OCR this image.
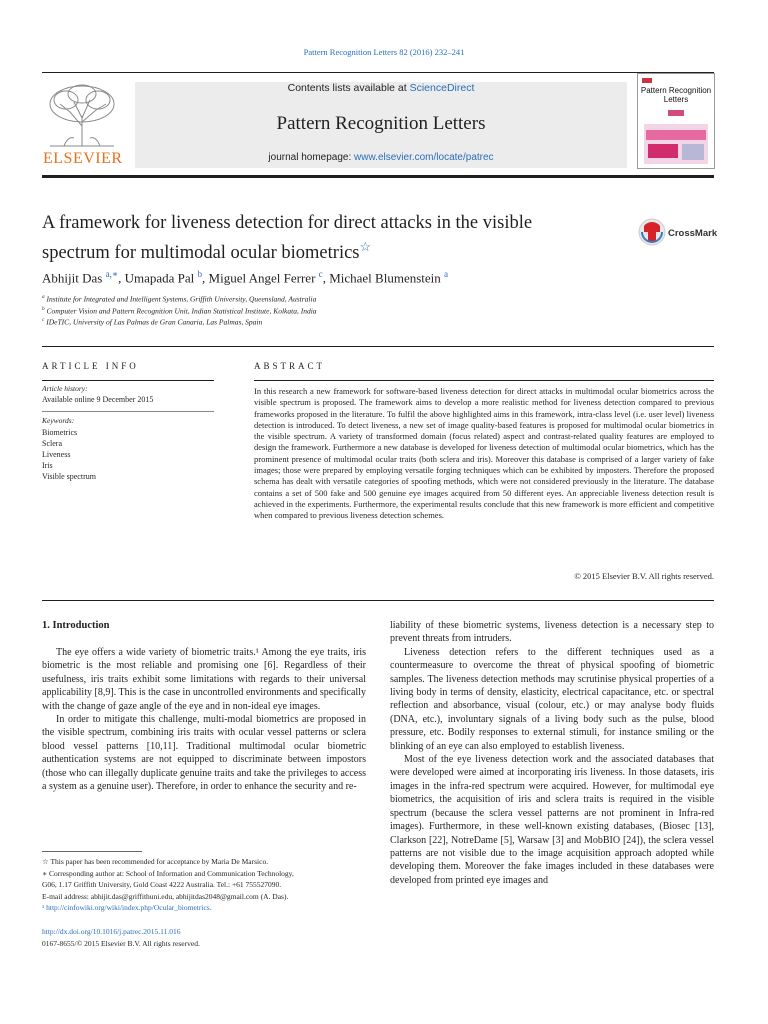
Pattern Recognition Letters 82 (2016) 232–241
ELSEVIER
Contents lists available at ScienceDirect
Pattern Recognition Letters
journal homepage: www.elsevier.com/locate/patrec
Pattern Recognition Letters
A framework for liveness detection for direct attacks in the visible spectrum for multimodal ocular biometrics☆
CrossMark
Abhijit Das $^{a,∗}$, Umapada Pal $^b$, Miguel Angel Ferrer $^c$, Michael Blumenstein $^a$
$^a$ Institute for Integrated and Intelligent Systems, Griffith University, Queensland, Australia
$^b$ Computer Vision and Pattern Recognition Unit, Indian Statistical Institute, Kolkata, India
$^c$ IDeTIC, University of Las Palmas de Gran Canaria, Las Palmas, Spain
ARTICLE INFO
Article history:
Available online 9 December 2015
Keywords:
Biometrics
Sclera
Liveness
Iris
Visible spectrum
ABSTRACT
In this research a new framework for software-based liveness detection for direct attacks in multimodal ocular biometrics across the visible spectrum is proposed. The framework aims to develop a more realistic method for liveness detection compared to previous frameworks proposed in the literature. To fulfil the above highlighted aims in this framework, intra-class level (i.e. user level) liveness detection is introduced. To detect liveness, a new set of image quality-based features is proposed for multimodal ocular biometrics in the visible spectrum. A variety of transformed domain (focus related) aspect and contrast-related quality features are employed to design the framework. Furthermore a new database is developed for liveness detection of multimodal ocular biometrics, which has the prominent presence of multimodal ocular traits (both sclera and iris). Moreover this database is comprised of a larger variety of fake images; those were prepared by employing versatile forging techniques which can be exhibited by imposters. Therefore the proposed schema has dealt with versatile categories of spoofing methods, which were not considered previously in the literature. The database contains a set of 500 fake and 500 genuine eye images acquired from 50 different eyes. An appreciable liveness detection result is achieved in the experiments. Furthermore, the experimental results conclude that this new framework is more efficient and competitive when compared to previous liveness detection schemes.
© 2015 Elsevier B.V. All rights reserved.
1. Introduction

The eye offers a wide variety of biometric traits.¹ Among the eye traits, iris biometric is the most reliable and promising one [6]. Regardless of their usefulness, iris traits exhibit some limitations with regards to their universal applicability [8,9]. This is the case in uncontrolled environments and specifically with the change of gaze angle of the eye and in non-ideal eye images.

In order to mitigate this challenge, multi-modal biometrics are proposed in the visible spectrum, combining iris traits with ocular vessel patterns or sclera blood vessel patterns [10,11]. Traditional multimodal ocular biometric authentication systems are not equipped to discriminate between impostors (those who can illegally duplicate genuine traits and take the privileges to access a system as a genuine user). Therefore, in order to enhance the security and re-

liability of these biometric systems, liveness detection is a necessary step to prevent threats from intruders.

Liveness detection refers to the different techniques used as a countermeasure to overcome the threat of physical spoofing of biometric samples. The liveness detection methods may scrutinise physical properties of a living body in terms of density, elasticity, electrical capacitance, etc. or spectral reflection and absorbance, visual (colour, etc.) or may analyse body fluids (DNA, etc.), involuntary signals of a living body such as the pulse, blood pressure, etc. Bodily responses to external stimuli, for instance smiling or the blinking of an eye can also employed to establish liveness.

Most of the eye liveness detection work and the associated databases that were developed were aimed at incorporating iris liveness. In those datasets, iris images in the infra-red spectrum were acquired. However, for multimodal eye biometrics, the acquisition of iris and sclera traits is required in the visible spectrum (because the sclera vessel patterns are not prominent in Infra-red images). Furthermore, in these well-known existing databases, (Biosec [13], Clarkson [22], NotreDame [5], Warsaw [3] and MobBIO [24]), the sclera vessel patterns are not visible due to the image acquisition approach adopted while developing them. Moreover the fake images included in these databases were developed from printed eye images and

☆ This paper has been recommended for acceptance by Maria De Marsico.
∗ Corresponding author at: School of Information and Communication Technology,
G06, 1.17 Griffith University, Gold Coast 4222 Australia. Tel.: +61 755527090.
E-mail address: abhijit.das@griffithuni.edu, abhijitdas2048@gmail.com (A. Das).
¹ http://cinfowiki.org/wiki/index.php/Ocular_biometrics.
http://dx.doi.org/10.1016/j.patrec.2015.11.016
0167-8655/© 2015 Elsevier B.V. All rights reserved.
